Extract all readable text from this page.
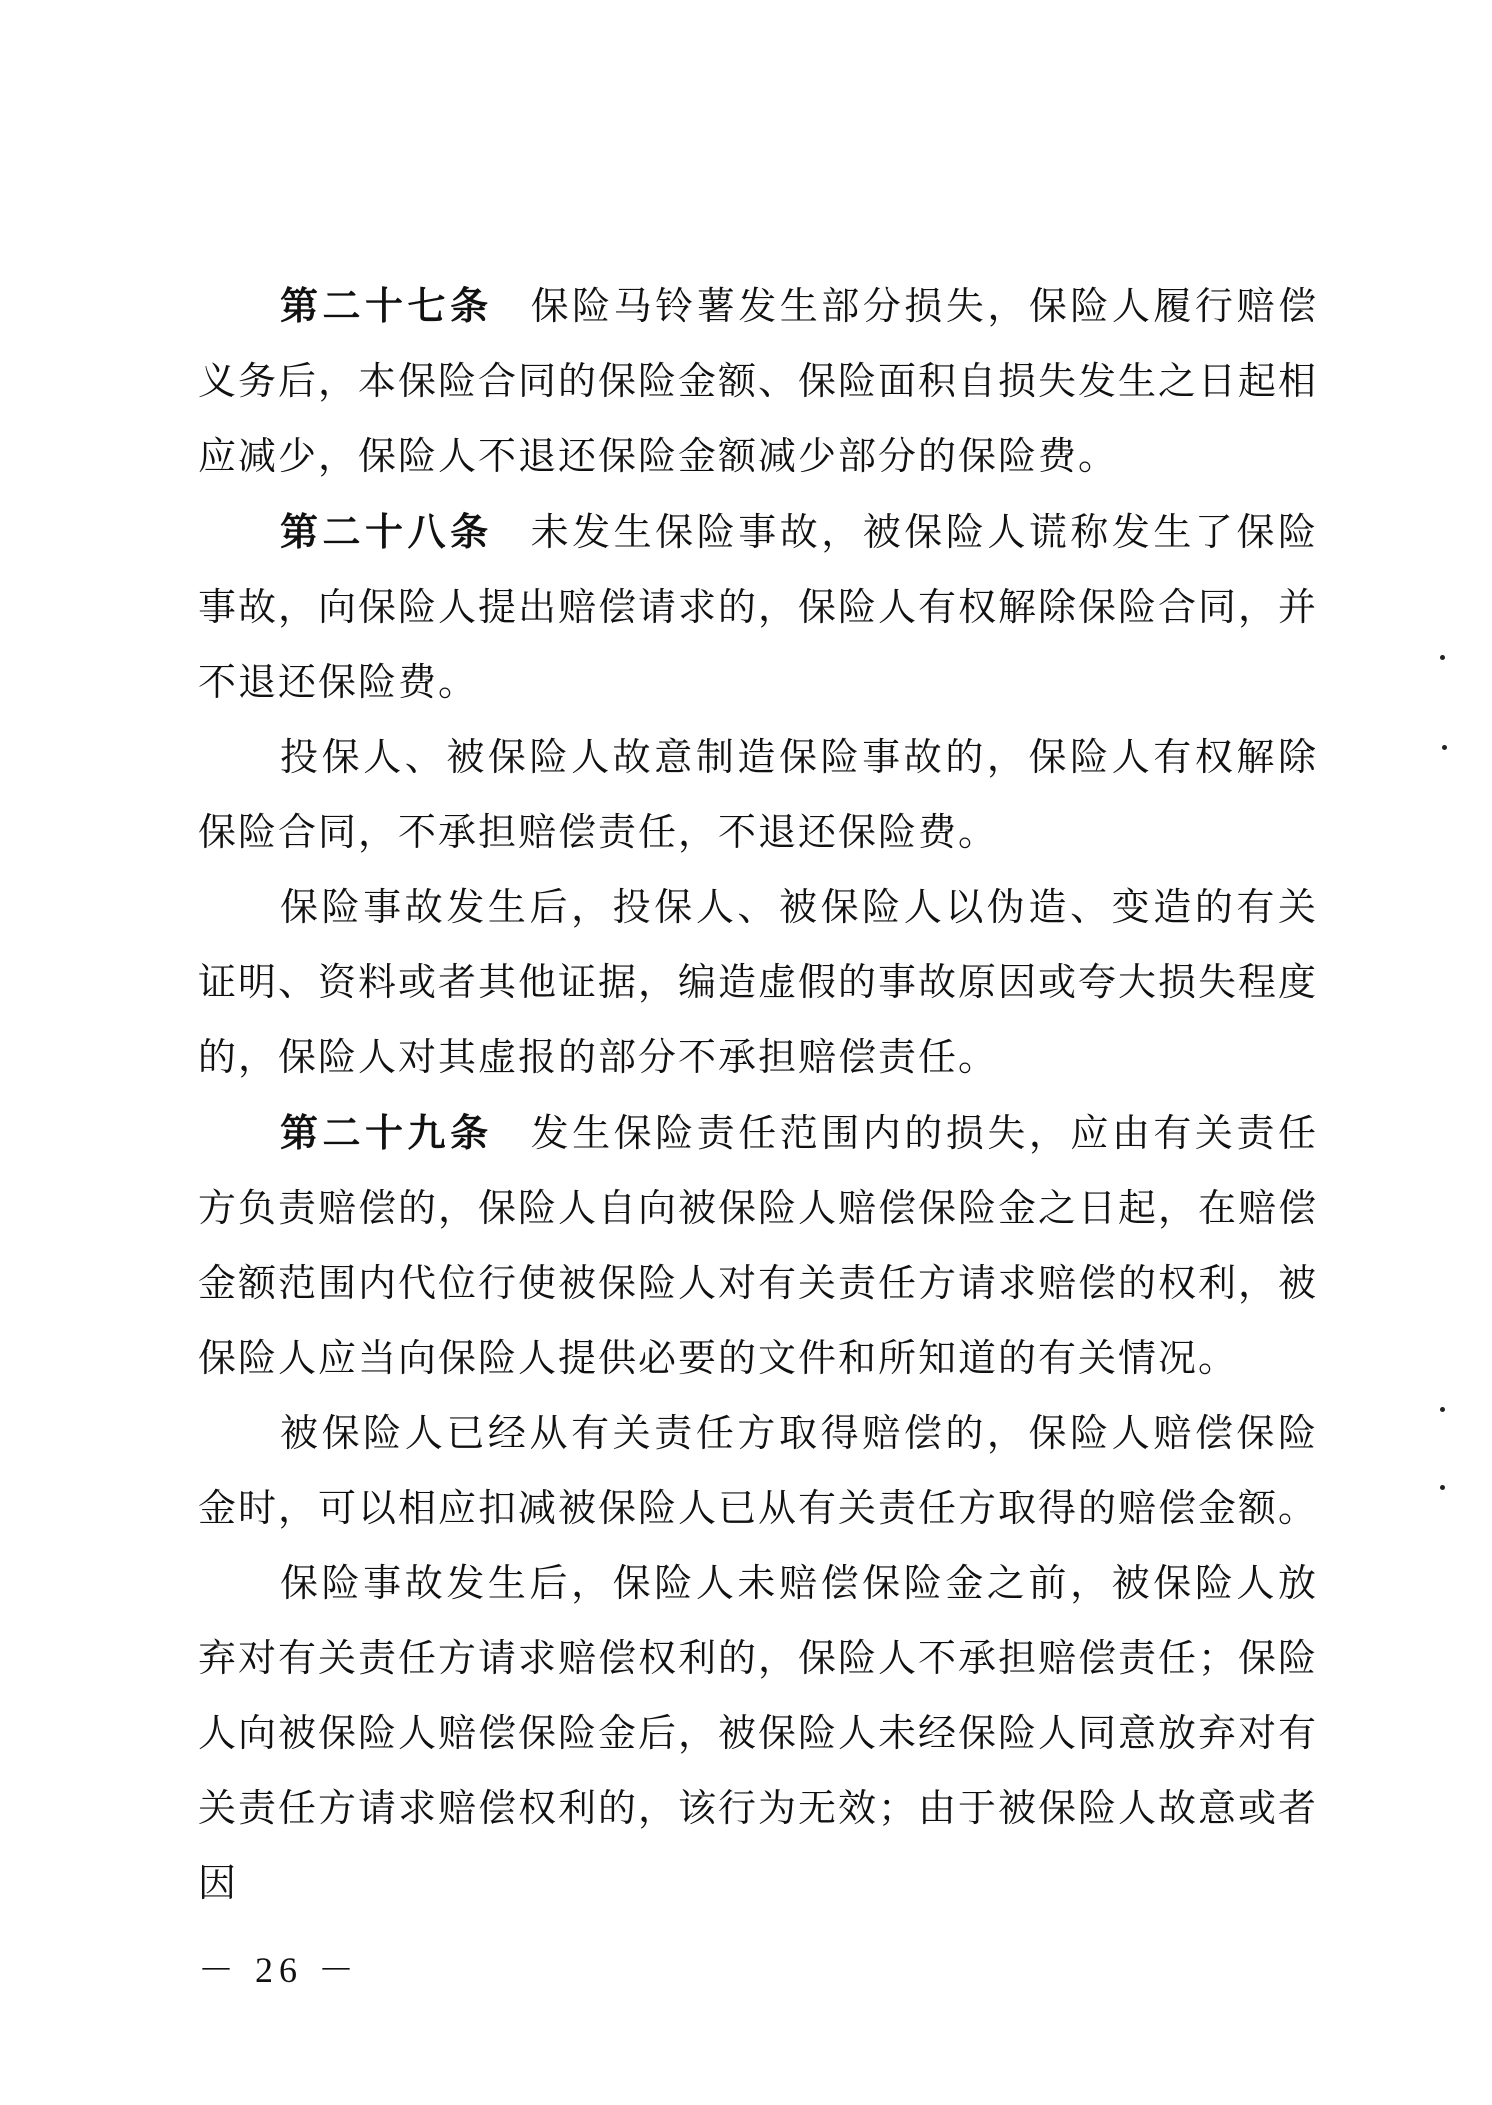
第二十七条 保险马铃薯发生部分损失，保险人履行赔偿义务后，本保险合同的保险金额、保险面积自损失发生之日起相应减少，保险人不退还保险金额减少部分的保险费。

第二十八条 未发生保险事故，被保险人谎称发生了保险事故，向保险人提出赔偿请求的，保险人有权解除保险合同，并不退还保险费。

投保人、被保险人故意制造保险事故的，保险人有权解除保险合同，不承担赔偿责任，不退还保险费。

保险事故发生后，投保人、被保险人以伪造、变造的有关证明、资料或者其他证据，编造虚假的事故原因或夸大损失程度的，保险人对其虚报的部分不承担赔偿责任。

第二十九条 发生保险责任范围内的损失，应由有关责任方负责赔偿的，保险人自向被保险人赔偿保险金之日起，在赔偿金额范围内代位行使被保险人对有关责任方请求赔偿的权利，被保险人应当向保险人提供必要的文件和所知道的有关情况。

被保险人已经从有关责任方取得赔偿的，保险人赔偿保险金时，可以相应扣减被保险人已从有关责任方取得的赔偿金额。

保险事故发生后，保险人未赔偿保险金之前，被保险人放弃对有关责任方请求赔偿权利的，保险人不承担赔偿责任；保险人向被保险人赔偿保险金后，被保险人未经保险人同意放弃对有关责任方请求赔偿权利的，该行为无效；由于被保险人故意或者因

－ 26 －
